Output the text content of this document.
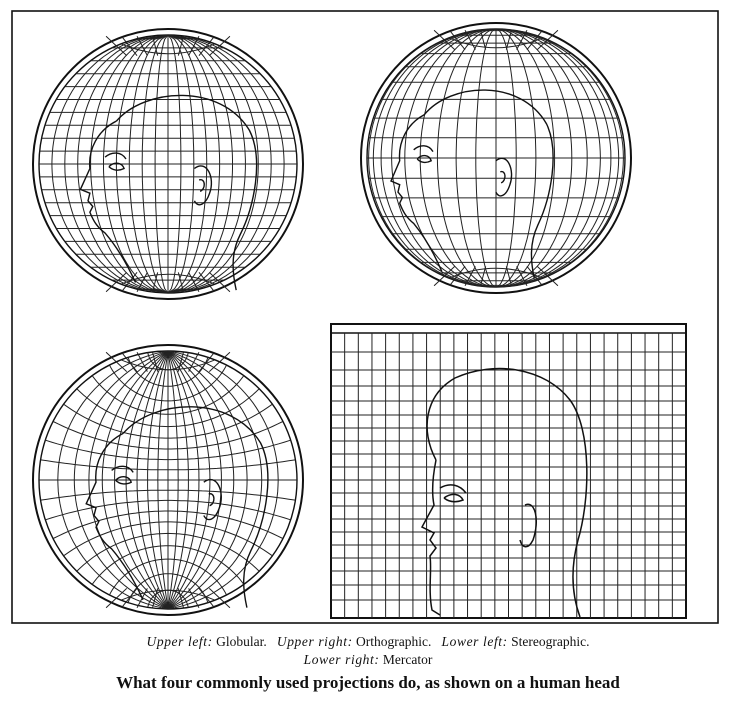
Upper left: Globular. Upper right: Orthographic. Lower left: Stereographic.
Lower right: Mercator
What four commonly used projections do, as shown on a human head
